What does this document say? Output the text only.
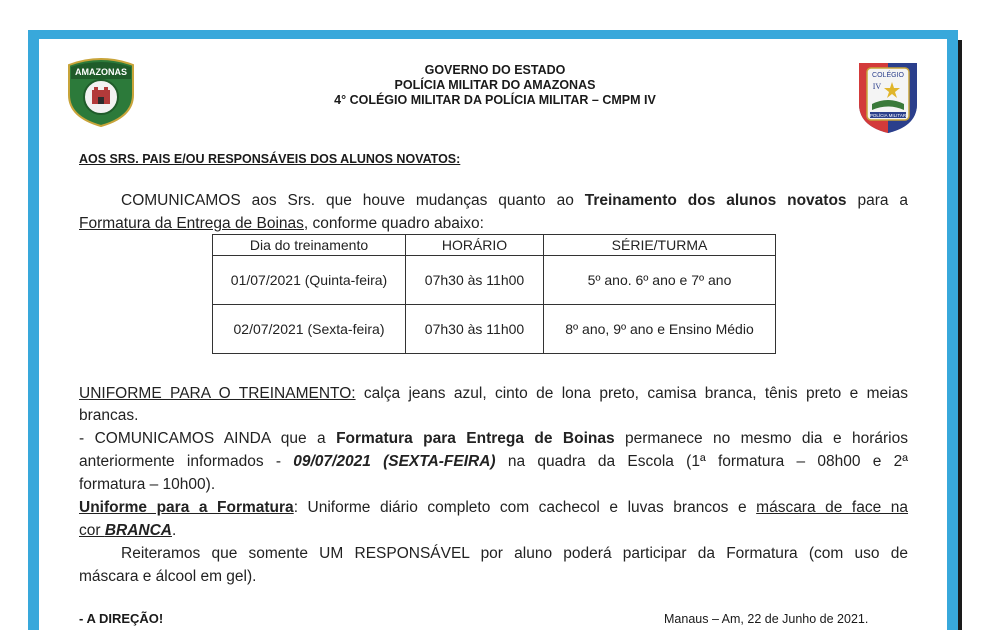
AMAZONAS	COLÉGIO
IV
POLÍCIA MILITAR
GOVERNO DO ESTADO
POLÍCIA MILITAR DO AMAZONAS
4° COLÉGIO MILITAR DA POLÍCIA MILITAR – CMPM IV
AOS SRS. PAIS E/OU RESPONSÁVEIS DOS ALUNOS NOVATOS:
COMUNICAMOS aos Srs. que houve mudanças quanto ao Treinamento dos alunos novatos para a
Formatura da Entrega de Boinas, conforme quadro abaixo:
Dia do treinamento	HORÁRIO	SÉRIE/TURMA
01/07/2021 (Quinta-feira)	07h30 às 11h00	5º ano. 6º ano e 7º ano
02/07/2021 (Sexta-feira)	07h30 às 11h00	8º ano, 9º ano e Ensino Médio
UNIFORME PARA O TREINAMENTO: calça jeans azul, cinto de lona preto, camisa branca, tênis preto e meias
brancas.
- COMUNICAMOS AINDA que a Formatura para Entrega de Boinas permanece no mesmo dia e horários
anteriormente informados - 09/07/2021 (SEXTA-FEIRA) na quadra da Escola (1ª formatura – 08h00 e 2ª
formatura – 10h00).
Uniforme para a Formatura: Uniforme diário completo com cachecol e luvas brancos e máscara de face na
cor BRANCA.
Reiteramos que somente UM RESPONSÁVEL por aluno poderá participar da Formatura (com uso de
máscara e álcool em gel).
- A DIREÇÃO!	Manaus – Am, 22 de Junho de 2021.
